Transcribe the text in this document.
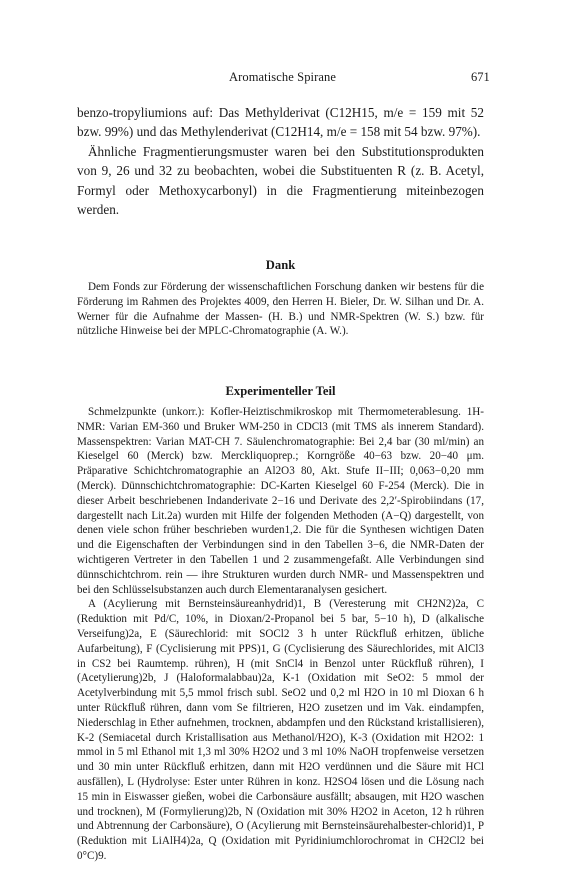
Aromatische Spirane	671

benzo-tropyliumions auf: Das Methylderivat (C12H15, m/e = 159 mit 52 bzw. 99%) und das Methylenderivat (C12H14, m/e = 158 mit 54 bzw. 97%).

Ähnliche Fragmentierungsmuster waren bei den Substitutionsprodukten von 9, 26 und 32 zu beobachten, wobei die Substituenten R (z. B. Acetyl, Formyl oder Methoxycarbonyl) in die Fragmentierung miteinbezogen werden.

Dank

Dem Fonds zur Förderung der wissenschaftlichen Forschung danken wir bestens für die Förderung im Rahmen des Projektes 4009, den Herren H. Bieler, Dr. W. Silhan und Dr. A. Werner für die Aufnahme der Massen- (H. B.) und NMR-Spektren (W. S.) bzw. für nützliche Hinweise bei der MPLC-Chromatographie (A. W.).

Experimenteller Teil

Schmelzpunkte (unkorr.): Kofler-Heiztischmikroskop mit Thermometerablesung. 1H-NMR: Varian EM-360 und Bruker WM-250 in CDCl3 (mit TMS als innerem Standard). Massenspektren: Varian MAT-CH 7. Säulenchromatographie: Bei 2,4 bar (30 ml/min) an Kieselgel 60 (Merck) bzw. Merckliquoprep.; Korngröße 40−63 bzw. 20−40 μm. Präparative Schichtchromatographie an Al2O3 80, Akt. Stufe II−III; 0,063−0,20 mm (Merck). Dünnschichtchromatographie: DC-Karten Kieselgel 60 F-254 (Merck). Die in dieser Arbeit beschriebenen Indanderivate 2−16 und Derivate des 2,2′-Spirobiindans (17, dargestellt nach Lit.2a) wurden mit Hilfe der folgenden Methoden (A−Q) dargestellt, von denen viele schon früher beschrieben wurden1,2. Die für die Synthesen wichtigen Daten und die Eigenschaften der Verbindungen sind in den Tabellen 3−6, die NMR-Daten der wichtigeren Vertreter in den Tabellen 1 und 2 zusammengefaßt. Alle Verbindungen sind dünnschichtchrom. rein — ihre Strukturen wurden durch NMR- und Massenspektren und bei den Schlüsselsubstanzen auch durch Elementaranalysen gesichert.

A (Acylierung mit Bernsteinsäureanhydrid)1, B (Veresterung mit CH2N2)2a, C (Reduktion mit Pd/C, 10%, in Dioxan/2-Propanol bei 5 bar, 5−10 h), D (alkalische Verseifung)2a, E (Säurechlorid: mit SOCl2 3 h unter Rückfluß erhitzen, übliche Aufarbeitung), F (Cyclisierung mit PPS)1, G (Cyclisierung des Säurechlorides, mit AlCl3 in CS2 bei Raumtemp. rühren), H (mit SnCl4 in Benzol unter Rückfluß rühren), I (Acetylierung)2b, J (Haloformalabbau)2a, K-1 (Oxidation mit SeO2: 5 mmol der Acetylverbindung mit 5,5 mmol frisch subl. SeO2 und 0,2 ml H2O in 10 ml Dioxan 6 h unter Rückfluß rühren, dann vom Se filtrieren, H2O zusetzen und im Vak. eindampfen, Niederschlag in Ether aufnehmen, trocknen, abdampfen und den Rückstand kristallisieren), K-2 (Semiacetal durch Kristallisation aus Methanol/H2O), K-3 (Oxidation mit H2O2: 1 mmol in 5 ml Ethanol mit 1,3 ml 30% H2O2 und 3 ml 10% NaOH tropfenweise versetzen und 30 min unter Rückfluß erhitzen, dann mit H2O verdünnen und die Säure mit HCl ausfällen), L (Hydrolyse: Ester unter Rühren in konz. H2SO4 lösen und die Lösung nach 15 min in Eiswasser gießen, wobei die Carbonsäure ausfällt; absaugen, mit H2O waschen und trocknen), M (Formylierung)2b, N (Oxidation mit 30% H2O2 in Aceton, 12 h rühren und Abtrennung der Carbonsäure), O (Acylierung mit Bernsteinsäurehalbester-chlorid)1, P (Reduktion mit LiAlH4)2a, Q (Oxidation mit Pyridiniumchlorochromat in CH2Cl2 bei 0°C)9.
